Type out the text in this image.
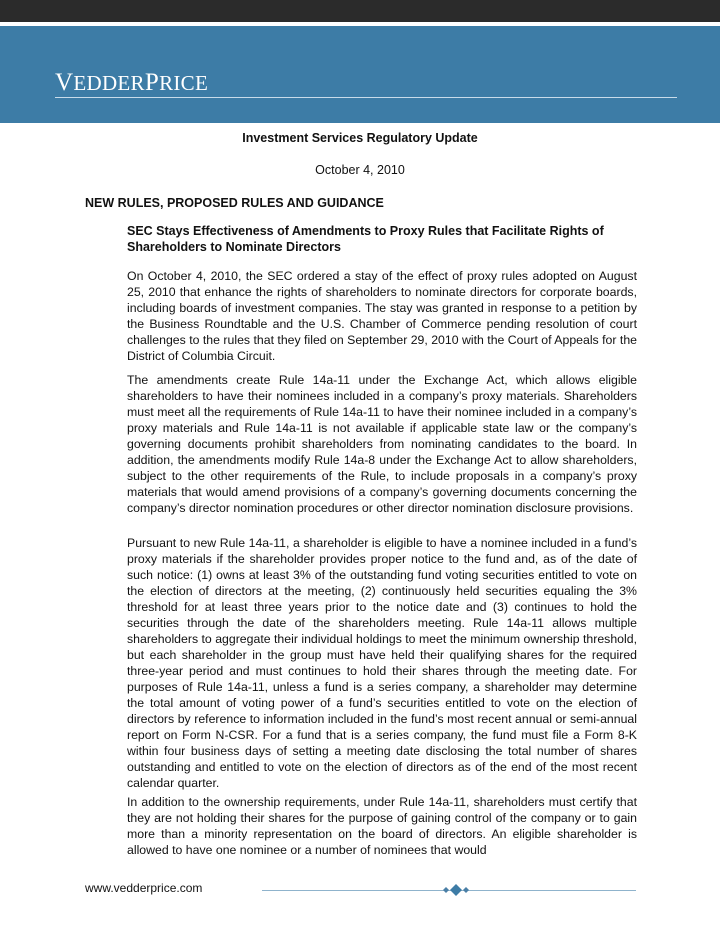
VEDDERPRICE
Investment Services Regulatory Update
October 4, 2010
NEW RULES, PROPOSED RULES AND GUIDANCE
SEC Stays Effectiveness of Amendments to Proxy Rules that Facilitate Rights of Shareholders to Nominate Directors
On October 4, 2010, the SEC ordered a stay of the effect of proxy rules adopted on August 25, 2010 that enhance the rights of shareholders to nominate directors for corporate boards, including boards of investment companies. The stay was granted in response to a petition by the Business Roundtable and the U.S. Chamber of Commerce pending resolution of court challenges to the rules that they filed on September 29, 2010 with the Court of Appeals for the District of Columbia Circuit.
The amendments create Rule 14a-11 under the Exchange Act, which allows eligible shareholders to have their nominees included in a company’s proxy materials. Shareholders must meet all the requirements of Rule 14a-11 to have their nominee included in a company’s proxy materials and Rule 14a-11 is not available if applicable state law or the company’s governing documents prohibit shareholders from nominating candidates to the board. In addition, the amendments modify Rule 14a-8 under the Exchange Act to allow shareholders, subject to the other requirements of the Rule, to include proposals in a company’s proxy materials that would amend provisions of a company’s governing documents concerning the company’s director nomination procedures or other director nomination disclosure provisions.
Pursuant to new Rule 14a-11, a shareholder is eligible to have a nominee included in a fund’s proxy materials if the shareholder provides proper notice to the fund and, as of the date of such notice: (1) owns at least 3% of the outstanding fund voting securities entitled to vote on the election of directors at the meeting, (2) continuously held securities equaling the 3% threshold for at least three years prior to the notice date and (3) continues to hold the securities through the date of the shareholders meeting. Rule 14a-11 allows multiple shareholders to aggregate their individual holdings to meet the minimum ownership threshold, but each shareholder in the group must have held their qualifying shares for the required three-year period and must continues to hold their shares through the meeting date. For purposes of Rule 14a-11, unless a fund is a series company, a shareholder may determine the total amount of voting power of a fund’s securities entitled to vote on the election of directors by reference to information included in the fund’s most recent annual or semi-annual report on Form N-CSR. For a fund that is a series company, the fund must file a Form 8-K within four business days of setting a meeting date disclosing the total number of shares outstanding and entitled to vote on the election of directors as of the end of the most recent calendar quarter.
In addition to the ownership requirements, under Rule 14a-11, shareholders must certify that they are not holding their shares for the purpose of gaining control of the company or to gain more than a minority representation on the board of directors. An eligible shareholder is allowed to have one nominee or a number of nominees that would
www.vedderprice.com
